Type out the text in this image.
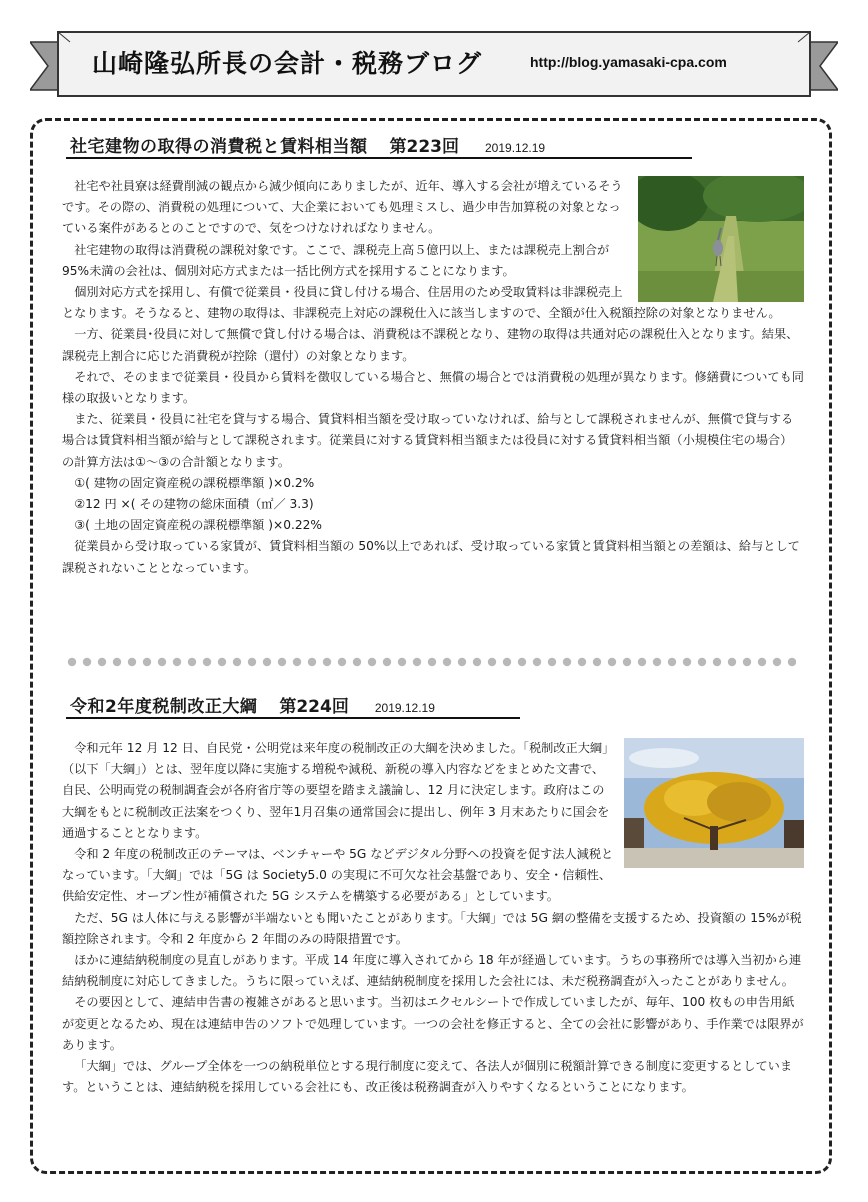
山崎隆弘所長の会計・税務ブログ	http://blog.yamasaki-cpa.com
社宅建物の取得の消費税と賃料相当額 第223回 2019.12.19

社宅や社員寮は経費削減の観点から減少傾向にありましたが、近年、導入する会社が増えているそうです。その際の、消費税の処理について、大企業においても処理ミスし、過少申告加算税の対象となっている案件があるとのことですので、気をつけなければなりません。

社宅建物の取得は消費税の課税対象です。ここで、課税売上高５億円以上、または課税売上割合が 95%未満の会社は、個別対応方式または一括比例方式を採用することになります。

個別対応方式を採用し、有償で従業員・役員に貸し付ける場合、住居用のため受取賃料は非課税売上となります。そうなると、建物の取得は、非課税売上対応の課税仕入に該当しますので、全額が仕入税額控除の対象となりません。

一方、従業員･役員に対して無償で貸し付ける場合は、消費税は不課税となり、建物の取得は共通対応の課税仕入となります。結果、課税売上割合に応じた消費税が控除（還付）の対象となります。

それで、そのままで従業員・役員から賃料を徴収している場合と、無償の場合とでは消費税の処理が異なります。修繕費についても同様の取扱いとなります。

また、従業員・役員に社宅を貸与する場合、賃貸料相当額を受け取っていなければ、給与として課税されませんが、無償で貸与する場合は賃貸料相当額が給与として課税されます。従業員に対する賃貸料相当額または役員に対する賃貸料相当額（小規模住宅の場合）の計算方法は①～③の合計額となります。

①( 建物の固定資産税の課税標準額 )×0.2%

②12 円 ×( その建物の総床面積（㎡／ 3.3)

③( 土地の固定資産税の課税標準額 )×0.22%

従業員から受け取っている家賃が、賃貸料相当額の 50%以上であれば、受け取っている家賃と賃貸料相当額との差額は、給与として課税されないこととなっています。

令和2年度税制改正大綱 第224回 2019.12.19

令和元年 12 月 12 日、自民党・公明党は来年度の税制改正の大綱を決めました。「税制改正大綱」（以下「大綱」）とは、翌年度以降に実施する増税や減税、新税の導入内容などをまとめた文書で、自民、公明両党の税制調査会が各府省庁等の要望を踏まえ議論し、12 月に決定します。政府はこの大綱をもとに税制改正法案をつくり、翌年1月召集の通常国会に提出し、例年 3 月末あたりに国会を通過することとなります。

令和 2 年度の税制改正のテーマは、ベンチャーや 5G などデジタル分野への投資を促す法人減税となっています。「大綱」では「5G は Society5.0 の実現に不可欠な社会基盤であり、安全・信頼性、供給安定性、オープン性が補償された 5G システムを構築する必要がある」としています。

ただ、5G は人体に与える影響が半端ないとも聞いたことがあります。「大綱」では 5G 網の整備を支援するため、投資額の 15%が税額控除されます。令和 2 年度から 2 年間のみの時限措置です。

ほかに連結納税制度の見直しがあります。平成 14 年度に導入されてから 18 年が経過しています。うちの事務所では導入当初から連結納税制度に対応してきました。うちに限っていえば、連結納税制度を採用した会社には、未だ税務調査が入ったことがありません。

その要因として、連結申告書の複雑さがあると思います。当初はエクセルシートで作成していましたが、毎年、100 枚もの申告用紙が変更となるため、現在は連結申告のソフトで処理しています。一つの会社を修正すると、全ての会社に影響があり、手作業では限界があります。

「大綱」では、グループ全体を一つの納税単位とする現行制度に変えて、各法人が個別に税額計算できる制度に変更するとしています。ということは、連結納税を採用している会社にも、改正後は税務調査が入りやすくなるということになります。
